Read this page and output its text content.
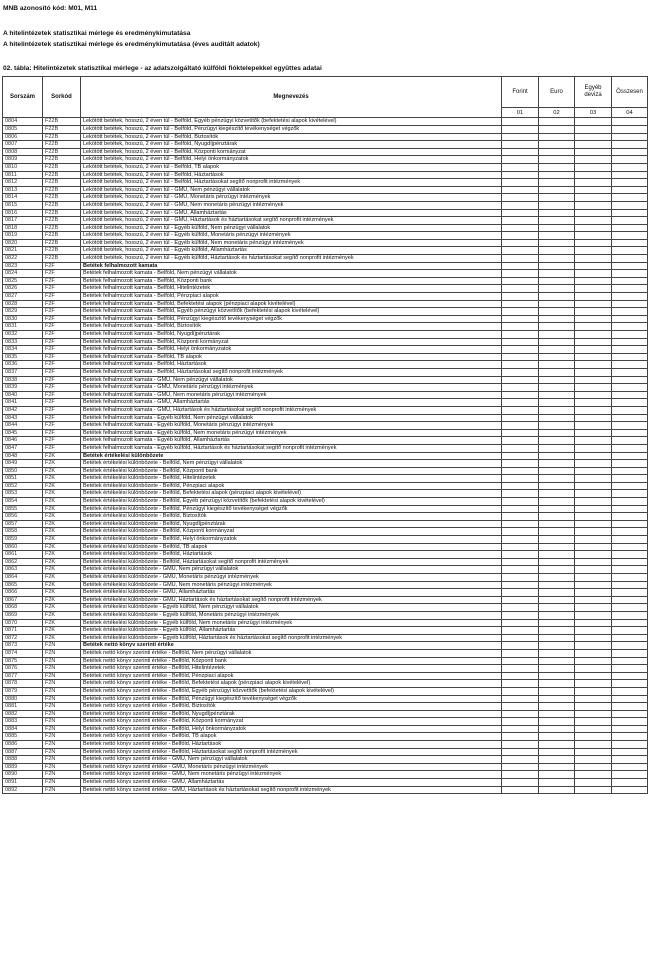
MNB azonosító kód: M01, M11
A hitelintézetek statisztikai mérlege és eredménykimutatása
A hitelintézetek statisztikai mérlege és eredménykimutatása (éves auditált adatok)
02. tábla: Hitelintézetek statisztikai mérlege - az adatszolgáltató külföldi fióktelepekkel együttes adatai
Sorszám	Sorkód	Megnevezés	Forint	Euro	Egyéb deviza	Összesen
			01	02	03	04
0804	F22B	Lekötött betétek, hosszú, 2 éven túl - Belföld, Egyéb pénzügyi közvetítők (befektetési alapok kivételével)				
0805	F22B	Lekötött betétek, hosszú, 2 éven túl - Belföld, Pénzügyi kiegészítő tevékenységet végzők				
0806	F22B	Lekötött betétek, hosszú, 2 éven túl - Belföld, Biztosítók				
0807	F22B	Lekötött betétek, hosszú, 2 éven túl - Belföld, Nyugdíjpénztárak				
0808	F22B	Lekötött betétek, hosszú, 2 éven túl - Belföld, Központi kormányzat				
0809	F22B	Lekötött betétek, hosszú, 2 éven túl - Belföld, Helyi önkormányzatok				
0810	F22B	Lekötött betétek, hosszú, 2 éven túl - Belföld, TB alapok				
0811	F22B	Lekötött betétek, hosszú, 2 éven túl - Belföld, Háztartások				
0812	F22B	Lekötött betétek, hosszú, 2 éven túl - Belföld, Háztartásokat segítő nonprofit intézmények				
0813	F22B	Lekötött betétek, hosszú, 2 éven túl - GMU, Nem pénzügyi vállalatok				
0814	F22B	Lekötött betétek, hosszú, 2 éven túl - GMU, Monetáris pénzügyi intézmények				
0815	F22B	Lekötött betétek, hosszú, 2 éven túl - GMU, Nem monetáris pénzügyi intézmények				
0816	F22B	Lekötött betétek, hosszú, 2 éven túl - GMU, Államháztartás				
0817	F22B	Lekötött betétek, hosszú, 2 éven túl - GMU, Háztartások és háztartásokat segítő nonprofit intézmények				
0818	F22B	Lekötött betétek, hosszú, 2 éven túl - Egyéb külföld, Nem pénzügyi vállalatok				
0819	F22B	Lekötött betétek, hosszú, 2 éven túl - Egyéb külföld, Monetáris pénzügyi intézmények				
0820	F22B	Lekötött betétek, hosszú, 2 éven túl - Egyéb külföld, Nem monetáris pénzügyi intézmények				
0821	F22B	Lekötött betétek, hosszú, 2 éven túl - Egyéb külföld, Államháztartás				
0822	F22B	Lekötött betétek, hosszú, 2 éven túl - Egyéb külföld, Háztartások és háztartásokat segítő nonprofit intézmények				
0823	F2F	Betétek felhalmozott kamata				
0824	F2F	Betétek felhalmozott kamata - Belföld, Nem pénzügyi vállalatok				
0825	F2F	Betétek felhalmozott kamata - Belföld, Központi bank				
0826	F2F	Betétek felhalmozott kamata - Belföld, Hitelintézetek				
0827	F2F	Betétek felhalmozott kamata - Belföld, Pénzpiaci alapok				
0828	F2F	Betétek felhalmozott kamata - Belföld, Befektetési alapok (pénzpiaci alapok kivételével)				
0829	F2F	Betétek felhalmozott kamata - Belföld, Egyéb pénzügyi közvetítők (befektetési alapok kivételével)				
0830	F2F	Betétek felhalmozott kamata - Belföld, Pénzügyi kiegészítő tevékenységet végzők				
0831	F2F	Betétek felhalmozott kamata - Belföld, Biztosítók				
0832	F2F	Betétek felhalmozott kamata - Belföld, Nyugdíjpénztárak				
0833	F2F	Betétek felhalmozott kamata - Belföld, Központi kormányzat				
0834	F2F	Betétek felhalmozott kamata - Belföld, Helyi önkormányzatok				
0835	F2F	Betétek felhalmozott kamata - Belföld, TB alapok				
0836	F2F	Betétek felhalmozott kamata - Belföld, Háztartások				
0837	F2F	Betétek felhalmozott kamata - Belföld, Háztartásokat segítő nonprofit intézmények				
0838	F2F	Betétek felhalmozott kamata - GMU, Nem pénzügyi vállalatok				
0839	F2F	Betétek felhalmozott kamata - GMU, Monetáris pénzügyi intézmények				
0840	F2F	Betétek felhalmozott kamata - GMU, Nem monetáris pénzügyi intézmények				
0841	F2F	Betétek felhalmozott kamata - GMU, Államháztartás				
0842	F2F	Betétek felhalmozott kamata - GMU, Háztartások és háztartásokat segítő nonprofit intézmények				
0843	F2F	Betétek felhalmozott kamata - Egyéb külföld, Nem pénzügyi vállalatok				
0844	F2F	Betétek felhalmozott kamata - Egyéb külföld, Monetáris pénzügyi intézmények				
0845	F2F	Betétek felhalmozott kamata - Egyéb külföld, Nem monetáris pénzügyi intézmények				
0846	F2F	Betétek felhalmozott kamata - Egyéb külföld, Államháztartás				
0847	F2F	Betétek felhalmozott kamata - Egyéb külföld, Háztartások és háztartásokat segítő nonprofit intézmények				
0848	F2K	Betétek értékelési különbözete				
0849	F2K	Betétek értékelési különbözete - Belföld, Nem pénzügyi vállalatok				
0850	F2K	Betétek értékelési különbözete - Belföld, Központi bank				
0851	F2K	Betétek értékelési különbözete - Belföld, Hitelintézetek				
0852	F2K	Betétek értékelési különbözete - Belföld, Pénzpiaci alapok				
0853	F2K	Betétek értékelési különbözete - Belföld, Befektetési alapok (pénzpiaci alapok kivételével)				
0854	F2K	Betétek értékelési különbözete - Belföld, Egyéb pénzügyi közvetítők (befektetési alapok kivételével)				
0855	F2K	Betétek értékelési különbözete - Belföld, Pénzügyi kiegészítő tevékenységet végzők				
0856	F2K	Betétek értékelési különbözete - Belföld, Biztosítók				
0857	F2K	Betétek értékelési különbözete - Belföld, Nyugdíjpénztárak				
0858	F2K	Betétek értékelési különbözete - Belföld, Központi kormányzat				
0859	F2K	Betétek értékelési különbözete - Belföld, Helyi önkormányzatok				
0860	F2K	Betétek értékelési különbözete - Belföld, TB alapok				
0861	F2K	Betétek értékelési különbözete - Belföld, Háztartások				
0862	F2K	Betétek értékelési különbözete - Belföld, Háztartásokat segítő nonprofit intézmények				
0863	F2K	Betétek értékelési különbözete - GMU, Nem pénzügyi vállalatok				
0864	F2K	Betétek értékelési különbözete - GMU, Monetáris pénzügyi intézmények				
0865	F2K	Betétek értékelési különbözete - GMU, Nem monetáris pénzügyi intézmények				
0866	F2K	Betétek értékelési különbözete - GMU, Államháztartás				
0867	F2K	Betétek értékelési különbözete - GMU, Háztartások és háztartásokat segítő nonprofit intézmények				
0868	F2K	Betétek értékelési különbözete - Egyéb külföld, Nem pénzügyi vállalatok				
0869	F2K	Betétek értékelési különbözete - Egyéb külföld, Monetáris pénzügyi intézmények				
0870	F2K	Betétek értékelési különbözete - Egyéb külföld, Nem monetáris pénzügyi intézmények				
0871	F2K	Betétek értékelési különbözete - Egyéb külföld, Államháztartás				
0872	F2K	Betétek értékelési különbözete - Egyéb külföld, Háztartások és háztartásokat segítő nonprofit intézmények				
0873	F2N	Betétek nettó könyv szerinti értéke				
0874	F2N	Betétek nettó könyv szerinti értéke - Belföld, Nem pénzügyi vállalatok				
0875	F2N	Betétek nettó könyv szerinti értéke - Belföld, Központi bank				
0876	F2N	Betétek nettó könyv szerinti értéke - Belföld, Hitelintézetek				
0877	F2N	Betétek nettó könyv szerinti értéke - Belföld, Pénzpiaci alapok				
0878	F2N	Betétek nettó könyv szerinti értéke - Belföld, Befektetési alapok (pénzpiaci alapok kivételével)				
0879	F2N	Betétek nettó könyv szerinti értéke - Belföld, Egyéb pénzügyi közvetítők (befektetési alapok kivételével)				
0880	F2N	Betétek nettó könyv szerinti értéke - Belföld, Pénzügyi kiegészítő tevékenységet végzők				
0881	F2N	Betétek nettó könyv szerinti értéke - Belföld, Biztosítók				
0882	F2N	Betétek nettó könyv szerinti értéke - Belföld, Nyugdíjpénztárak				
0883	F2N	Betétek nettó könyv szerinti értéke - Belföld, Központi kormányzat				
0884	F2N	Betétek nettó könyv szerinti értéke - Belföld, Helyi önkormányzatok				
0885	F2N	Betétek nettó könyv szerinti értéke - Belföld, TB alapok				
0886	F2N	Betétek nettó könyv szerinti értéke - Belföld, Háztartások				
0887	F2N	Betétek nettó könyv szerinti értéke - Belföld, Háztartásokat segítő nonprofit intézmények				
0888	F2N	Betétek nettó könyv szerinti értéke - GMU, Nem pénzügyi vállalatok				
0889	F2N	Betétek nettó könyv szerinti értéke - GMU, Monetáris pénzügyi intézmények				
0890	F2N	Betétek nettó könyv szerinti értéke - GMU, Nem monetáris pénzügyi intézmények				
0891	F2N	Betétek nettó könyv szerinti értéke - GMU, Államháztartás				
0892	F2N	Betétek nettó könyv szerinti értéke - GMU, Háztartások és háztartásokat segítő nonprofit intézmények				
